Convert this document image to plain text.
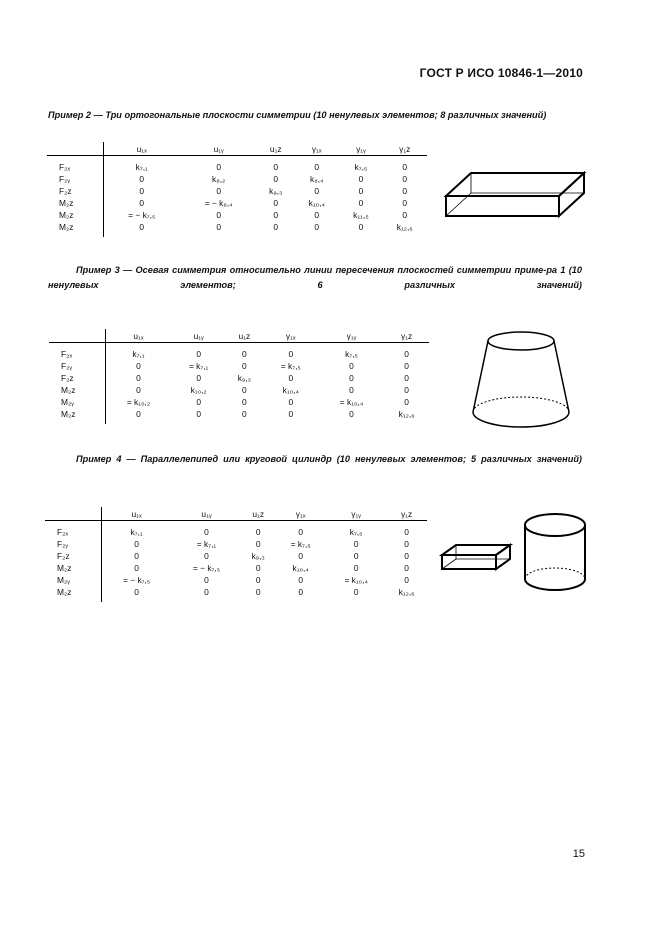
ГОСТ Р ИСО 10846-1—2010
Пример 2 — Три ортогональные плоскости симметрии (10 ненулевых элементов; 8 различных значений)
	u₁ₓ	u₁ᵧ	u₁z	γ₁ₓ	γ₁ᵧ	γ₁z
F₂ₓ	k₇,₁	0	0	0	k₇,₅	0
F₂ᵧ	0	k₈,₂	0	k₈,₄	0	0
F₂z	0	0	k₉,₃	0	0	0
M₂z	0	= − k₈,₄	0	k₁₀,₄	0	0
M₂z	= − k₇,₅	0	0	0	k₁₁,₅	0
M₂z	0	0	0	0	0	k₁₂,₆
Пример 3 — Осевая симметрия относительно линии пересечения плоскостей симметрии приме-ра 1 (10 ненулевых элементов; 6 различных значений)
	u₁ₓ	u₁ᵧ	u₁z	γ₁ₓ	γ₁ᵧ	γ₁z
F₂ₓ	k₇,₁	0	0	0	k₇,₅	0
F₂ᵧ	0	= k₇,₁	0	= k₇,₅	0	0
F₂z	0	0	k₉,₃	0	0	0
M₂z	0	k₁₀,₂	0	k₁₀,₄	0	0
M₂ᵧ	= k₁₀,₂	0	0	0	= k₁₀,₄	0
M₂z	0	0	0	0	0	k₁₂,₆
Пример 4 — Параллелепипед или круговой цилиндр (10 ненулевых элементов; 5 различных значений)
	u₁ₓ	u₁ᵧ	u₁z	γ₁ₓ	γ₁ᵧ	γ₁z
F₂ₓ	k₇,₁	0	0	0	k₇,₅	0
F₂ᵧ	0	= k₇,₁	0	= k₇,₅	0	0
F₂z	0	0	k₉,₃	0	0	0
M₂z	0	= − k₇,₅	0	k₁₀,₄	0	0
M₂ᵧ	= − k₇,₅	0	0	0	= k₁₀,₄	0
M₂z	0	0	0	0	0	k₁₂,₆
15
